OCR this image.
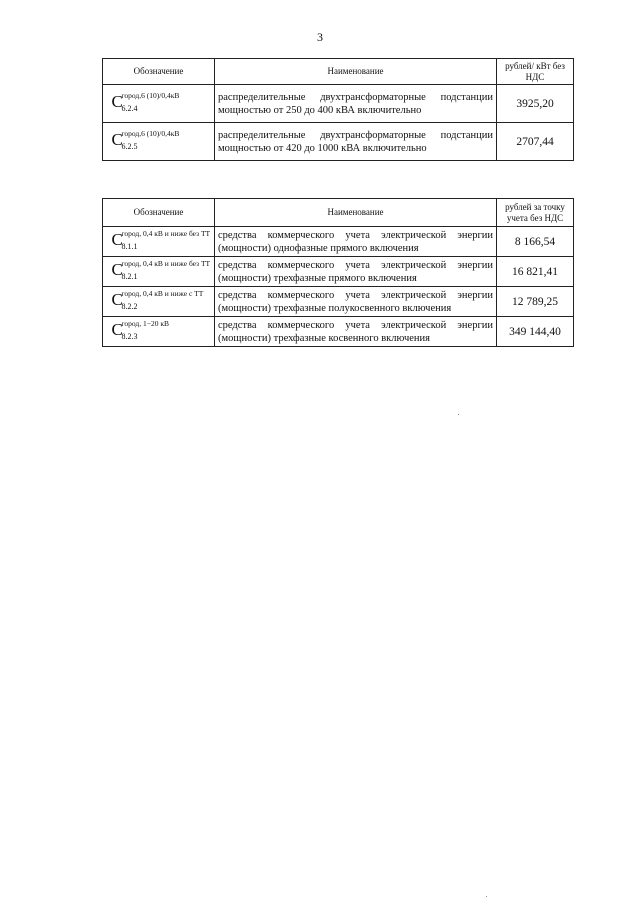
3
Обозначение	Наименование	рублей/ кВт без НДС

C
город,6 (10)/0,4кВ
6.2.4	распределительные двухтрансформаторные подстанции мощностью от 250 до 400 кВА включительно	3925,20

C
город,6 (10)/0,4кВ
6.2.5	распределительные двухтрансформаторные подстанции мощностью от 420 до 1000 кВА включительно	2707,44
Обозначение	Наименование	рублей за точку учета без НДС

C
город, 0,4 кВ и ниже без ТТ
8.1.1	средства коммерческого учета электрической энергии (мощности) однофазные прямого включения	8 166,54

C
город, 0,4 кВ и ниже без ТТ
8.2.1	средства коммерческого учета электрической энергии (мощности) трехфазные прямого включения	16 821,41

C
город, 0,4 кВ и ниже с ТТ
8.2.2	средства коммерческого учета электрической энергии (мощности) трехфазные полукосвенного включения	12 789,25

C
город, 1−20 кВ
8.2.3	средства коммерческого учета электрической энергии (мощности) трехфазные косвенного включения	349 144,40
